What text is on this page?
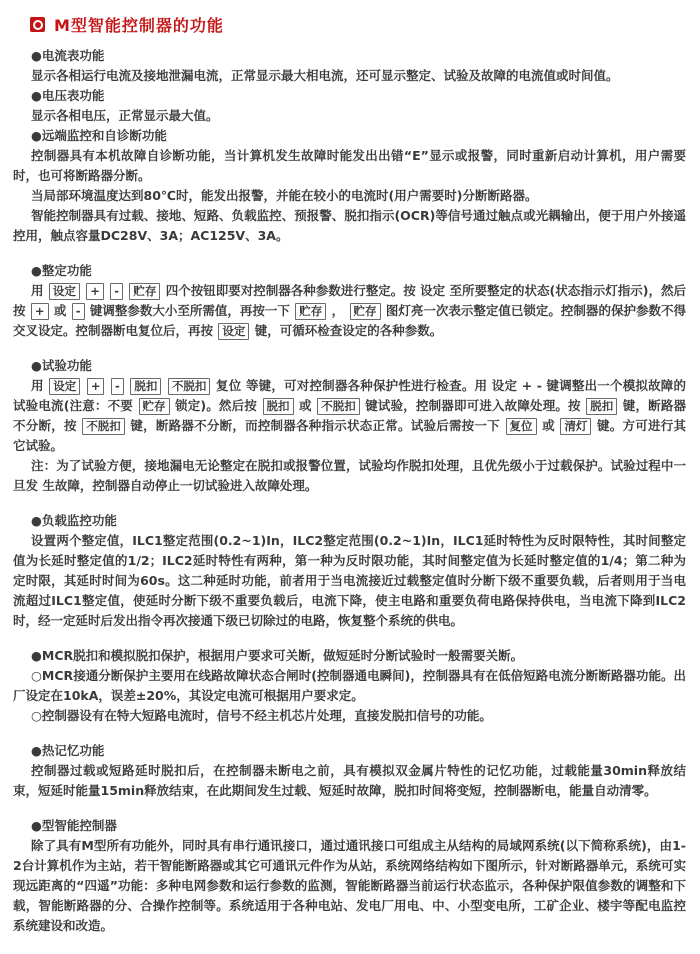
M型智能控制器的功能
●电流表功能

显示各相运行电流及接地泄漏电流，正常显示最大相电流，还可显示整定、试验及故障的电流值或时间值。

●电压表功能

显示各相电压，正常显示最大值。

●远端监控和自诊断功能

控制器具有本机故障自诊断功能，当计算机发生故障时能发出出错“E”显示或报警，同时重新启动计算机，用户需要时，也可将断路器分断。

当局部环境温度达到80℃时，能发出报警，并能在较小的电流时(用户需要时)分断断路器。

智能控制器具有过载、接地、短路、负载监控、预报警、脱扣指示(OCR)等信号通过触点或光耦输出，便于用户外接遥控用，触点容量DC28V、3A；AC125V、3A。

●整定功能

用 设定 + - 贮存 四个按钮即要对控制器各种参数进行整定。按 设定 至所要整定的状态(状态指示灯指示)，然后按 + 或 - 键调整参数大小至所需值，再按一下 贮存 ， 贮存 图灯亮一次表示整定值已锁定。控制器的保护参数不得交叉设定。控制器断电复位后，再按 设定 键，可循环检查设定的各种参数。

●试验功能

用 设定 + - 脱扣 不脱扣 复位 等键，可对控制器各种保护性进行检查。用 设定 + - 键调整出一个模拟故障的试验电流(注意：不要 贮存 锁定)。然后按 脱扣 或 不脱扣 键试验，控制器即可进入故障处理。按 脱扣 键，断路器不分断，按 不脱扣 键，断路器不分断，而控制器各种指示状态正常。试验后需按一下 复位 或 清灯 键。方可进行其它试验。

注：为了试验方便，接地漏电无论整定在脱扣或报警位置，试验均作脱扣处理，且优先级小于过载保护。试验过程中一旦发 生故障，控制器自动停止一切试验进入故障处理。

●负载监控功能

设置两个整定值，ILC1整定范围(0.2~1)In，ILC2整定范围(0.2~1)In，ILC1延时特性为反时限特性，其时间整定值为长延时整定值的1/2；ILC2延时特性有两种，第一种为反时限功能，其时间整定值为长延时整定值的1/4；第二种为定时限，其延时时间为60s。这二种延时功能，前者用于当电流接近过载整定值时分断下级不重要负载，后者则用于当电流超过ILC1整定值，使延时分断下级不重要负载后，电流下降，使主电路和重要负荷电路保持供电，当电流下降到ILC2时，经一定延时后发出指令再次接通下级已切除过的电路，恢复整个系统的供电。

●MCR脱扣和模拟脱扣保护，根据用户要求可关断，做短延时分断试验时一般需要关断。

○MCR接通分断保护主要用在线路故障状态合闸时(控制器通电瞬间)，控制器具有在低倍短路电流分断断路器功能。出厂设定在10kA，误差±20%，其设定电流可根据用户要求定。

○控制器设有在特大短路电流时，信号不经主机芯片处理，直接发脱扣信号的功能。

●热记忆功能

控制器过载或短路延时脱扣后，在控制器未断电之前，具有模拟双金属片特性的记忆功能，过载能量30min释放结束，短延时能量15min释放结束，在此期间发生过载、短延时故障，脱扣时间将变短，控制器断电，能量自动清零。

●型智能控制器

除了具有M型所有功能外，同时具有串行通讯接口，通过通讯接口可组成主从结构的局域网系统(以下简称系统)，由1-2台计算机作为主站，若干智能断路器或其它可通讯元件作为从站，系统网络结构如下图所示，针对断路器单元，系统可实现远距离的“四遥”功能：多种电网参数和运行参数的监测，智能断路器当前运行状态监示，各种保护限值参数的调整和下载，智能断路器的分、合操作控制等。系统适用于各种电站、发电厂用电、中、小型变电所，工矿企业、楼宇等配电监控系统建设和改造。
